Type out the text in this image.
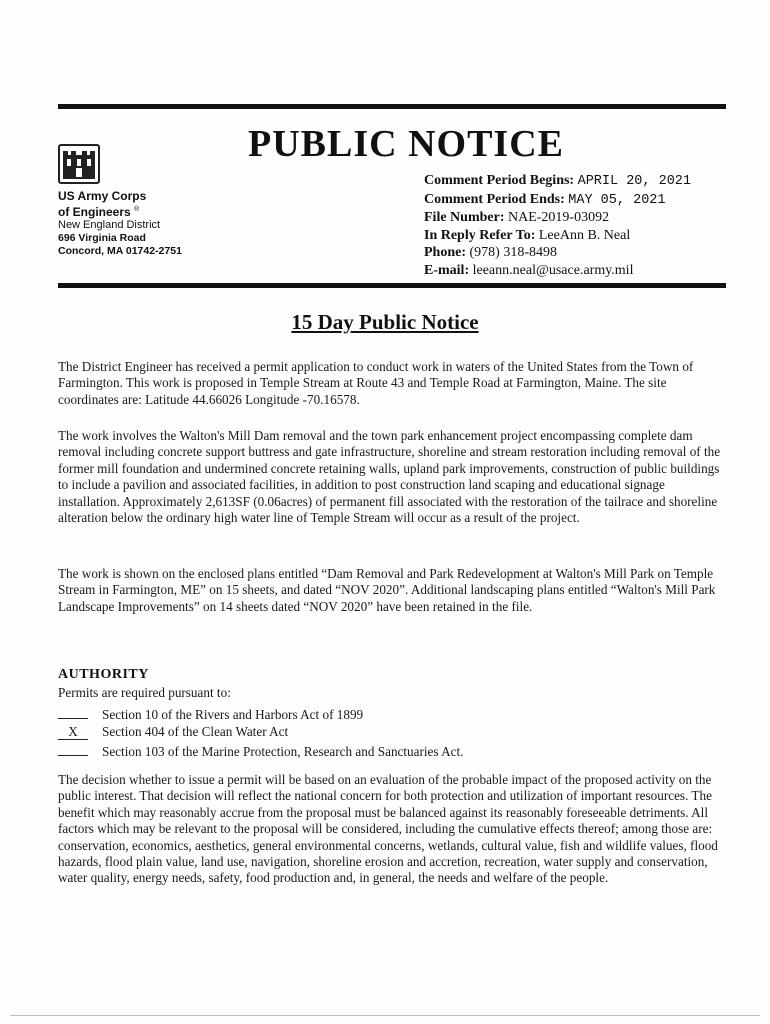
US Army Corps
of Engineers ®
New England District
696 Virginia Road
Concord, MA 01742-2751
PUBLIC NOTICE
Comment Period Begins: APRIL 20, 2021
Comment Period Ends: MAY 05, 2021
File Number: NAE-2019-03092
In Reply Refer To: LeeAnn B. Neal
Phone: (978) 318-8498
E-mail: leeann.neal@usace.army.mil
15 Day Public Notice
The District Engineer has received a permit application to conduct work in waters of the United States from the Town of Farmington. This work is proposed in Temple Stream at Route 43 and Temple Road at Farmington, Maine. The site coordinates are: Latitude 44.66026 Longitude -70.16578.
The work involves the Walton's Mill Dam removal and the town park enhancement project encompassing complete dam removal including concrete support buttress and gate infrastructure, shoreline and stream restoration including removal of the former mill foundation and undermined concrete retaining walls, upland park improvements, construction of public buildings to include a pavilion and associated facilities, in addition to post construction land scaping and educational signage installation. Approximately 2,613SF (0.06acres) of permanent fill associated with the restoration of the tailrace and shoreline alteration below the ordinary high water line of Temple Stream will occur as a result of the project.
The work is shown on the enclosed plans entitled “Dam Removal and Park Redevelopment at Walton's Mill Park on Temple Stream in Farmington, ME” on 15 sheets, and dated “NOV 2020”. Additional landscaping plans entitled “Walton's Mill Park Landscape Improvements” on 14 sheets dated “NOV 2020” have been retained in the file.
AUTHORITY
Permits are required pursuant to:
Section 10 of the Rivers and Harbors Act of 1899
X	Section 404 of the Clean Water Act
Section 103 of the Marine Protection, Research and Sanctuaries Act.
The decision whether to issue a permit will be based on an evaluation of the probable impact of the proposed activity on the public interest. That decision will reflect the national concern for both protection and utilization of important resources. The benefit which may reasonably accrue from the proposal must be balanced against its reasonably foreseeable detriments. All factors which may be relevant to the proposal will be considered, including the cumulative effects thereof; among those are: conservation, economics, aesthetics, general environmental concerns, wetlands, cultural value, fish and wildlife values, flood hazards, flood plain value, land use, navigation, shoreline erosion and accretion, recreation, water supply and conservation, water quality, energy needs, safety, food production and, in general, the needs and welfare of the people.
